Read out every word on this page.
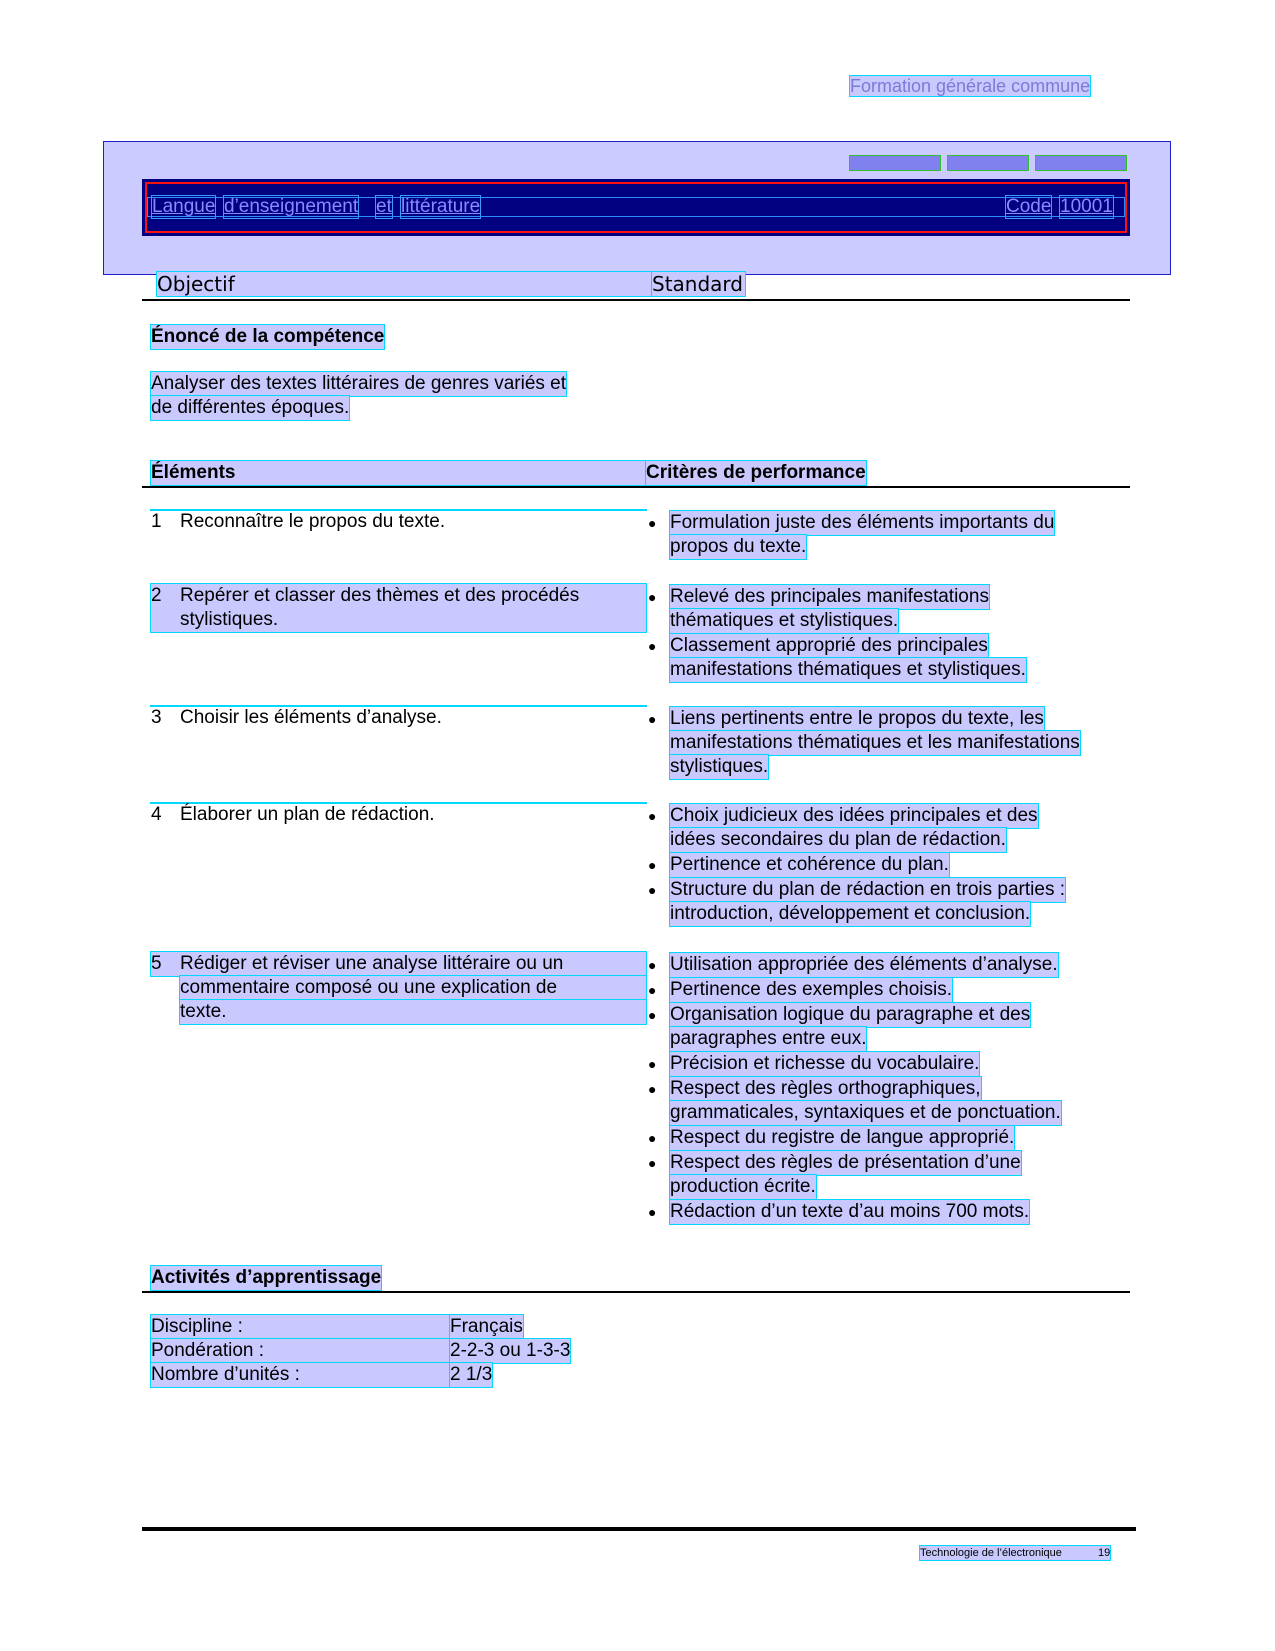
Formation générale commune
Langue d’enseignement et littérature	Code 10001
Objectif	Standard
Énoncé de la compétence
Analyser des textes littéraires de genres variés et
de différentes époques.
Éléments	Critères de performance
1 Reconnaître le propos du texte.	● Formulation juste des éléments importants du
propos du texte.
2 Repérer et classer des thèmes et des procédés
stylistiques.
● Relevé des principales manifestations
thématiques et stylistiques.
● Classement approprié des principales
manifestations thématiques et stylistiques.
3 Choisir les éléments d’analyse.	● Liens pertinents entre le propos du texte, les
manifestations thématiques et les manifestations
stylistiques.
4 Élaborer un plan de rédaction.	● Choix judicieux des idées principales et des
idées secondaires du plan de rédaction.
● Pertinence et cohérence du plan.
● Structure du plan de rédaction en trois parties :
introduction, développement et conclusion.
5 Rédiger et réviser une analyse littéraire ou un
commentaire composé ou une explication de
texte.
● Utilisation appropriée des éléments d’analyse.
● Pertinence des exemples choisis.
● Organisation logique du paragraphe et des
paragraphes entre eux.
● Précision et richesse du vocabulaire.
● Respect des règles orthographiques,
grammaticales, syntaxiques et de ponctuation.
● Respect du registre de langue approprié.
● Respect des règles de présentation d’une
production écrite.
● Rédaction d’un texte d’au moins 700 mots.
Activités d’apprentissage
Discipline :	Français
Pondération :	2-2-3 ou 1-3-3
Nombre d’unités :	2 1/3
Technologie de l’électronique	19
